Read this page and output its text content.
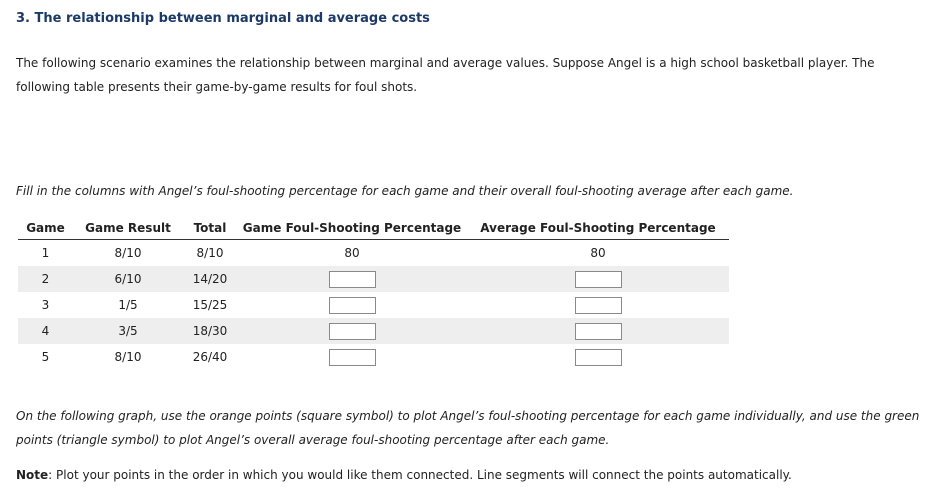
3. The relationship between marginal and average costs
The following scenario examines the relationship between marginal and average values. Suppose Angel is a high school basketball player. The following table presents their game-by-game results for foul shots.
Fill in the columns with Angel’s foul-shooting percentage for each game and their overall foul-shooting average after each game.
Game	Game Result	Total	Game Foul-Shooting Percentage	Average Foul-Shooting Percentage
1	8/10	8/10	80	80
2	6/10	14/20		
3	1/5	15/25		
4	3/5	18/30		
5	8/10	26/40		
On the following graph, use the orange points (square symbol) to plot Angel’s foul-shooting percentage for each game individually, and use the green points (triangle symbol) to plot Angel’s overall average foul-shooting percentage after each game.
Note: Plot your points in the order in which you would like them connected. Line segments will connect the points automatically.
